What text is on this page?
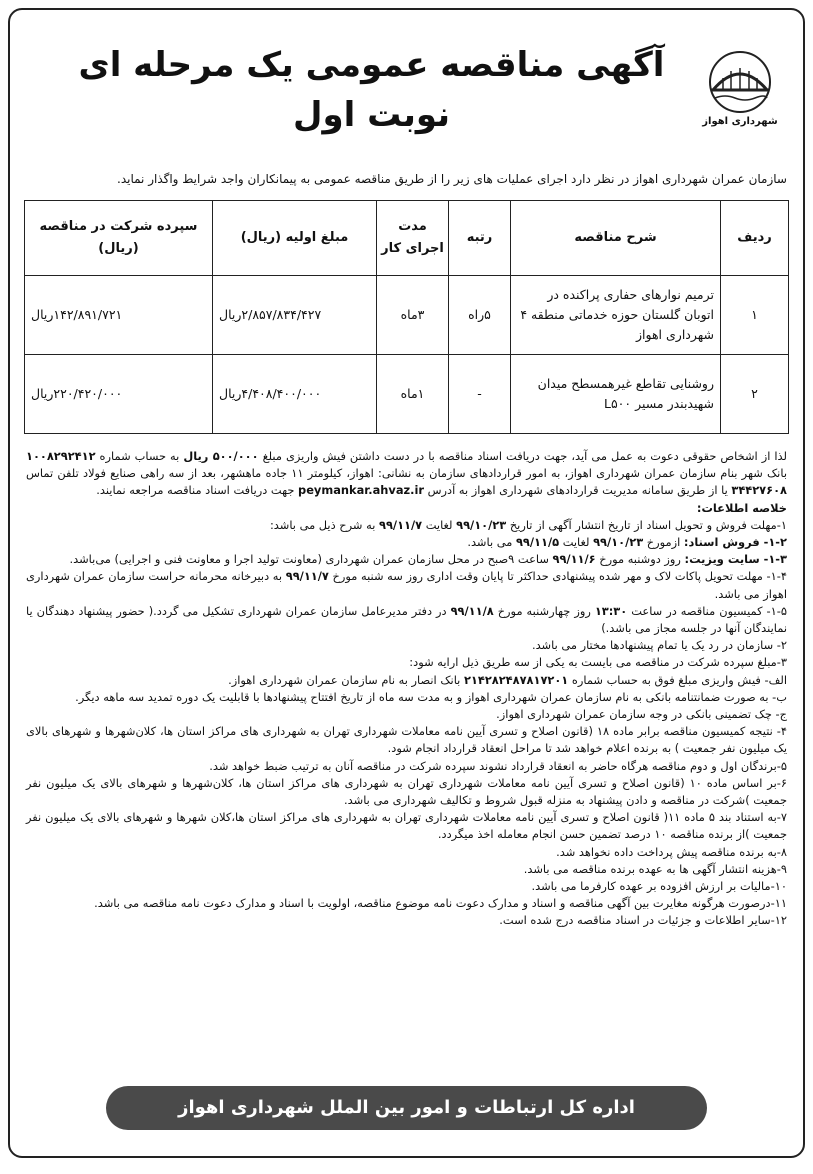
شهرداری اهواز
آگهی مناقصه عمومی یک مرحله ای
نوبت اول
سازمان عمران شهرداری اهواز در نظر دارد اجرای عملیات های زیر را از طریق مناقصه عمومی به پیمانکاران واجد شرایط واگذار نماید.
ردیف	شرح مناقصه	رتبه	مدت اجرای کار	مبلغ اولیه (ریال)	سپرده شرکت در مناقصه (ریال)
۱	ترمیم نوارهای حفاری پراکنده در اتوبان گلستان حوزه خدماتی منطقه ۴ شهرداری اهواز	۵راه	۳ماه	۲/۸۵۷/۸۳۴/۴۲۷ریال	۱۴۲/۸۹۱/۷۲۱ریال
۲	روشنایی تقاطع غیرهمسطح میدان شهیدبندر مسیر L۵۰۰	-	۱ماه	۴/۴۰۸/۴۰۰/۰۰۰ریال	۲۲۰/۴۲۰/۰۰۰ریال

لذا از اشخاص حقوقی دعوت به عمل می آید، جهت دریافت اسناد مناقصه با در دست داشتن فیش واریزی مبلغ ۵۰۰/۰۰۰ ریال به حساب شماره ۱۰۰۸۲۹۲۴۱۲ بانک شهر بنام سازمان عمران شهرداری اهواز، به امور قراردادهای سازمان به نشانی: اهواز، کیلومتر ۱۱ جاده ماهشهر، بعد از سه راهی صنایع فولاد تلفن تماس ۳۴۴۲۷۶۰۸ یا از طریق سامانه مدیریت قراردادهای شهرداری اهواز به آدرس peymankar.ahvaz.ir جهت دریافت اسناد مناقصه مراجعه نمایند.

خلاصه اطلاعات:

۱-مهلت فروش و تحویل اسناد از تاریخ انتشار آگهی از تاریخ ۹۹/۱۰/۲۳ لغایت ۹۹/۱۱/۷ به شرح ذیل می باشد:

۱-۲- فروش اسناد: ازمورخ ۹۹/۱۰/۲۳ لغایت ۹۹/۱۱/۵ می باشد.

۱-۳- سایت ویزیت: روز دوشنبه مورخ ۹۹/۱۱/۶ ساعت ۹صبح در محل سازمان عمران شهرداری (معاونت تولید اجرا و معاونت فنی و اجرایی) می‌باشد.

۱-۴- مهلت تحویل پاکات لاک و مهر شده پیشنهادی حداکثر تا پایان وقت اداری روز سه شنبه مورخ ۹۹/۱۱/۷ به دبیرخانه محرمانه حراست سازمان عمران شهرداری اهواز می باشد.

۱-۵- کمیسیون مناقصه در ساعت ۱۳:۳۰ روز چهارشنبه مورخ ۹۹/۱۱/۸ در دفتر مدیرعامل سازمان عمران شهرداری تشکیل می گردد.( حضور پیشنهاد دهندگان یا نمایندگان آنها در جلسه مجاز می باشد.)

۲- سازمان در رد یک یا تمام پیشنهادها مختار می باشد.

۳-مبلغ سپرده شرکت در مناقصه می بایست به یکی از سه طریق ذیل ارایه شود:

الف- فیش واریزی مبلغ فوق به حساب شماره ۲۱۴۲۸۲۴۸۷۸۱۷۲۰۱ بانک انصار به نام سازمان عمران شهرداری اهواز.

ب- به صورت ضمانتنامه بانکی به نام سازمان عمران شهرداری اهواز و به مدت سه ماه از تاریخ افتتاح پیشنهادها با قابلیت یک دوره تمدید سه ماهه دیگر.

ج- چک تضمینی بانکی در وجه سازمان عمران شهرداری اهواز.

۴- نتیجه کمیسیون مناقصه برابر ماده ۱۸ (قانون اصلاح و تسری آیین نامه معاملات شهرداری تهران به شهرداری های مراکز استان ها، کلان‌شهرها و شهرهای بالای یک میلیون نفر جمعیت ) به برنده اعلام خواهد شد تا مراحل انعقاد قرارداد انجام شود.

۵-برندگان اول و دوم مناقصه هرگاه حاضر به انعقاد قرارداد نشوند سپرده شرکت در مناقصه آنان به ترتیب ضبط خواهد شد.

۶-بر اساس ماده ۱۰ (قانون اصلاح و تسری آیین نامه معاملات شهرداری تهران به شهرداری های مراکز استان ها، کلان‌شهرها و شهرهای بالای یک میلیون نفر جمعیت )شرکت در مناقصه و دادن پیشنهاد به منزله قبول شروط و تکالیف شهرداری می باشد.

۷-به استناد بند ۵ ماده ۱۱( قانون اصلاح و تسری آیین نامه معاملات شهرداری تهران به شهرداری های مراکز استان ها،کلان شهرها و شهرهای بالای یک میلیون نفر جمعیت )از برنده مناقصه ۱۰ درصد تضمین حسن انجام معامله اخذ میگردد.

۸-به برنده مناقصه پیش پرداخت داده نخواهد شد.

۹-هزینه انتشار آگهی ها به عهده برنده مناقصه می باشد.

۱۰-مالیات بر ارزش افزوده بر عهده کارفرما می باشد.

۱۱-درصورت هرگونه مغایرت بین آگهی مناقصه و اسناد و مدارک دعوت نامه موضوع مناقصه، اولویت با اسناد و مدارک دعوت نامه مناقصه می باشد.

۱۲-سایر اطلاعات و جزئیات در اسناد مناقصه درج شده است.

اداره کل ارتباطات و امور بین الملل شهرداری اهواز
